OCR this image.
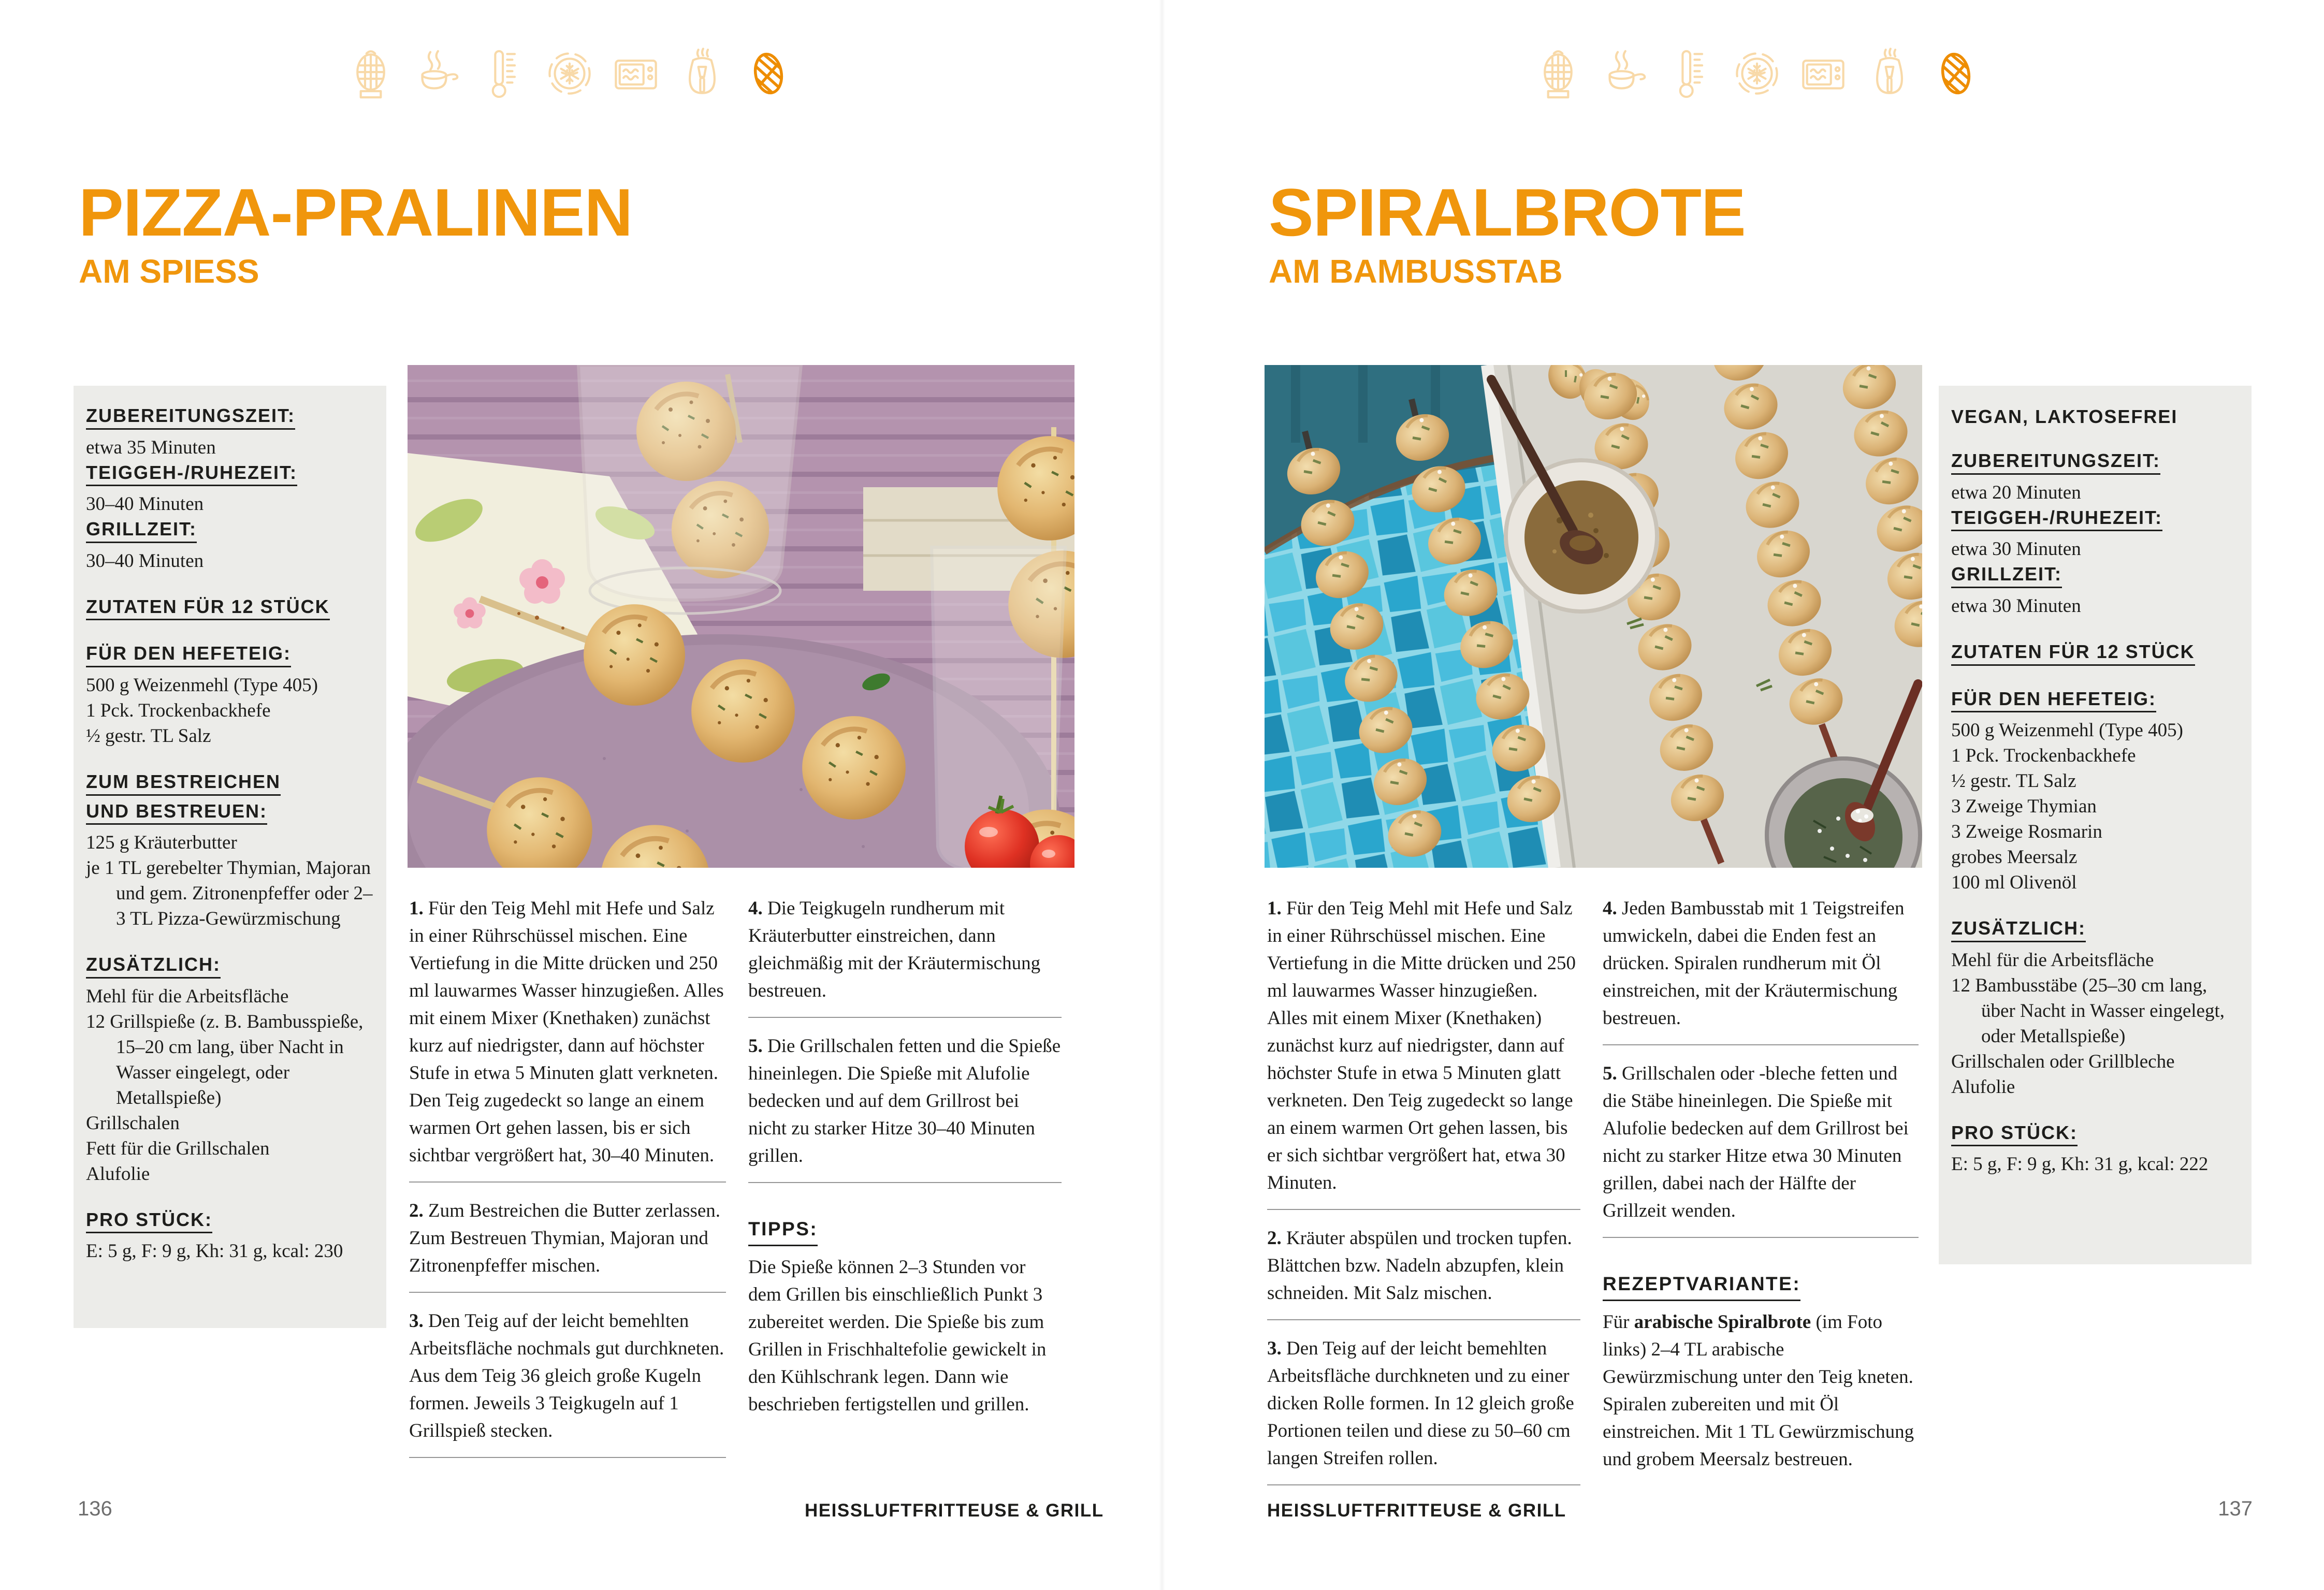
PIZZA-PRALINEN
AM SPIESS
ZUBEREITUNGSZEIT:
etwa 35 Minuten
TEIGGEH-/RUHEZEIT:
30–40 Minuten
GRILLZEIT:
30–40 Minuten
ZUTATEN FÜR 12 STÜCK
FÜR DEN HEFETEIG:
500 g Weizenmehl (Type 405)
1 Pck. Trockenbackhefe
½ gestr. TL Salz
ZUM BESTREICHEN
UND BESTREUEN:
125 g Kräuterbutter
je 1 TL gerebelter Thymian, Majoran und gem. Zitronenpfeffer oder 2–3 TL Pizza-Gewürzmischung
ZUSÄTZLICH:
Mehl für die Arbeitsfläche
12 Grillspieße (z. B. Bambusspieße, 15–20 cm lang, über Nacht in Wasser eingelegt, oder Metallspieße)
Grillschalen
Fett für die Grillschalen
Alufolie
PRO STÜCK:
E: 5 g, F: 9 g, Kh: 31 g, kcal: 230
1. Für den Teig Mehl mit Hefe und Salz in einer Rührschüssel mischen. Eine Vertiefung in die Mitte drücken und 250 ml lauwarmes Wasser hinzugießen. Alles mit einem Mixer (Knethaken) zunächst kurz auf niedrigster, dann auf höchster Stufe in etwa 5 Minuten glatt verkneten. Den Teig zugedeckt so lange an einem warmen Ort gehen lassen, bis er sich sichtbar vergrößert hat, 30–40 Minuten.
2. Zum Bestreichen die Butter zerlassen. Zum Bestreuen Thymian, Majoran und Zitronenpfeffer mischen.
3. Den Teig auf der leicht bemehlten Arbeitsfläche nochmals gut durchkneten. Aus dem Teig 36 gleich große Kugeln formen. Jeweils 3 Teigkugeln auf 1 Grillspieß stecken.
4. Die Teigkugeln rundherum mit Kräuterbutter einstreichen, dann gleichmäßig mit der Kräutermischung bestreuen.
5. Die Grillschalen fetten und die Spieße hineinlegen. Die Spieße mit Alufolie bedecken und auf dem Grillrost bei nicht zu starker Hitze 30–40 Minuten grillen.
TIPPS:
Die Spieße können 2–3 Stunden vor dem Grillen bis einschließlich Punkt 3 zubereitet werden. Die Spieße bis zum Grillen in Frischhaltefolie gewickelt in den Kühlschrank legen. Dann wie beschrieben fertigstellen und grillen.
136	HEISSLUFTFRITTEUSE & GRILL
SPIRALBROTE
AM BAMBUSSTAB
1. Für den Teig Mehl mit Hefe und Salz in einer Rührschüssel mischen. Eine Vertiefung in die Mitte drücken und 250 ml lauwarmes Wasser hinzugießen. Alles mit einem Mixer (Knethaken) zunächst kurz auf niedrigster, dann auf höchster Stufe in etwa 5 Minuten glatt verkneten. Den Teig zugedeckt so lange an einem warmen Ort gehen lassen, bis er sich sichtbar vergrößert hat, etwa 30 Minuten.
2. Kräuter abspülen und trocken tupfen. Blättchen bzw. Nadeln abzupfen, klein schneiden. Mit Salz mischen.
3. Den Teig auf der leicht bemehlten Arbeitsfläche durchkneten und zu einer dicken Rolle formen. In 12 gleich große Portionen teilen und diese zu 50–60 cm langen Streifen rollen.
4. Jeden Bambusstab mit 1 Teigstreifen umwickeln, dabei die Enden fest an drücken. Spiralen rundherum mit Öl einstreichen, mit der Kräutermischung bestreuen.
5. Grillschalen oder -bleche fetten und die Stäbe hineinlegen. Die Spieße mit Alufolie bedecken auf dem Grillrost bei nicht zu starker Hitze etwa 30 Minuten grillen, dabei nach der Hälfte der Grillzeit wenden.
REZEPTVARIANTE:
Für arabische Spiralbrote (im Foto links) 2–4 TL arabische Gewürzmischung unter den Teig kneten. Spiralen zubereiten und mit Öl einstreichen. Mit 1 TL Gewürzmischung und grobem Meersalz bestreuen.
VEGAN, LAKTOSEFREI
ZUBEREITUNGSZEIT:
etwa 20 Minuten
TEIGGEH-/RUHEZEIT:
etwa 30 Minuten
GRILLZEIT:
etwa 30 Minuten
ZUTATEN FÜR 12 STÜCK
FÜR DEN HEFETEIG:
500 g Weizenmehl (Type 405)
1 Pck. Trockenbackhefe
½ gestr. TL Salz
3 Zweige Thymian
3 Zweige Rosmarin
grobes Meersalz
100 ml Olivenöl
ZUSÄTZLICH:
Mehl für die Arbeitsfläche
12 Bambusstäbe (25–30 cm lang, über Nacht in Wasser eingelegt, oder Metallspieße)
Grillschalen oder Grillbleche
Alufolie
PRO STÜCK:
E: 5 g, F: 9 g, Kh: 31 g, kcal: 222
HEISSLUFTFRITTEUSE & GRILL	137
